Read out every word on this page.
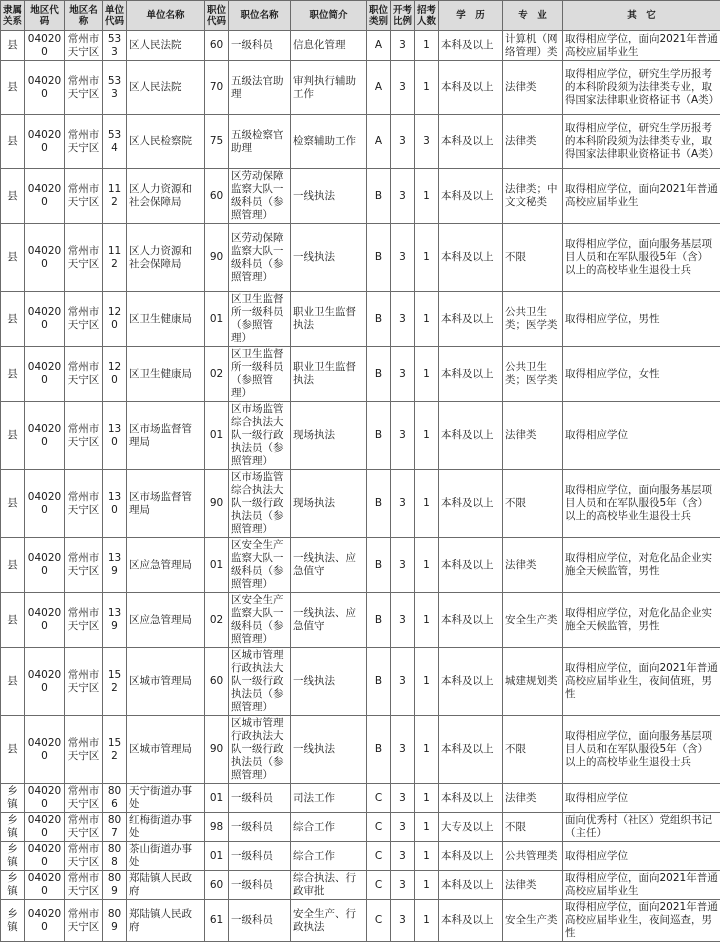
隶属关系	地区代码	地区名称	单位代码	单位名称	职位代码	职位名称	职位简介	职位类别	开考比例	招考人数	学　历	专　业	其　它
县	040200	常州市天宁区	533	区人民法院	60	一级科员	信息化管理	A	3	1	本科及以上	计算机（网络管理）类	取得相应学位，面向2021年普通高校应届毕业生
县	040200	常州市天宁区	533	区人民法院	70	五级法官助理	审判执行辅助工作	A	3	1	本科及以上	法律类	取得相应学位，研究生学历报考的本科阶段须为法律类专业，取得国家法律职业资格证书（A类）
县	040200	常州市天宁区	534	区人民检察院	75	五级检察官助理	检察辅助工作	A	3	3	本科及以上	法律类	取得相应学位，研究生学历报考的本科阶段须为法律类专业，取得国家法律职业资格证书（A类）
县	040200	常州市天宁区	112	区人力资源和社会保障局	60	区劳动保障监察大队一级科员（参照管理）	一线执法	B	3	1	本科及以上	法律类；中文文秘类	取得相应学位，面向2021年普通高校应届毕业生
县	040200	常州市天宁区	112	区人力资源和社会保障局	90	区劳动保障监察大队一级科员（参照管理）	一线执法	B	3	1	本科及以上	不限	取得相应学位，面向服务基层项目人员和在军队服役5年（含）以上的高校毕业生退役士兵
县	040200	常州市天宁区	120	区卫生健康局	01	区卫生监督所一级科员（参照管理）	职业卫生监督执法	B	3	1	本科及以上	公共卫生类；医学类	取得相应学位，男性
县	040200	常州市天宁区	120	区卫生健康局	02	区卫生监督所一级科员（参照管理）	职业卫生监督执法	B	3	1	本科及以上	公共卫生类；医学类	取得相应学位，女性
县	040200	常州市天宁区	130	区市场监督管理局	01	区市场监管综合执法大队一级行政执法员（参照管理）	现场执法	B	3	1	本科及以上	法律类	取得相应学位
县	040200	常州市天宁区	130	区市场监督管理局	90	区市场监管综合执法大队一级行政执法员（参照管理）	现场执法	B	3	1	本科及以上	不限	取得相应学位，面向服务基层项目人员和在军队服役5年（含）以上的高校毕业生退役士兵
县	040200	常州市天宁区	139	区应急管理局	01	区安全生产监察大队一级科员（参照管理）	一线执法、应急值守	B	3	1	本科及以上	法律类	取得相应学位，对危化品企业实施全天候监管，男性
县	040200	常州市天宁区	139	区应急管理局	02	区安全生产监察大队一级科员（参照管理）	一线执法、应急值守	B	3	1	本科及以上	安全生产类	取得相应学位，对危化品企业实施全天候监管，男性
县	040200	常州市天宁区	152	区城市管理局	60	区城市管理行政执法大队一级行政执法员（参照管理）	一线执法	B	3	1	本科及以上	城建规划类	取得相应学位，面向2021年普通高校应届毕业生，夜间值班，男性
县	040200	常州市天宁区	152	区城市管理局	90	区城市管理行政执法大队一级行政执法员（参照管理）	一线执法	B	3	1	本科及以上	不限	取得相应学位，面向服务基层项目人员和在军队服役5年（含）以上的高校毕业生退役士兵
乡镇	040200	常州市天宁区	806	天宁街道办事处	01	一级科员	司法工作	C	3	1	本科及以上	法律类	取得相应学位
乡镇	040200	常州市天宁区	807	红梅街道办事处	98	一级科员	综合工作	C	3	1	大专及以上	不限	面向优秀村（社区）党组织书记（主任）
乡镇	040200	常州市天宁区	808	茶山街道办事处	01	一级科员	综合工作	C	3	1	本科及以上	公共管理类	取得相应学位
乡镇	040200	常州市天宁区	809	郑陆镇人民政府	60	一级科员	综合执法、行政审批	C	3	1	本科及以上	法律类	取得相应学位，面向2021年普通高校应届毕业生
乡镇	040200	常州市天宁区	809	郑陆镇人民政府	61	一级科员	安全生产、行政执法	C	3	1	本科及以上	安全生产类	取得相应学位，面向2021年普通高校应届毕业生，夜间巡查，男性
